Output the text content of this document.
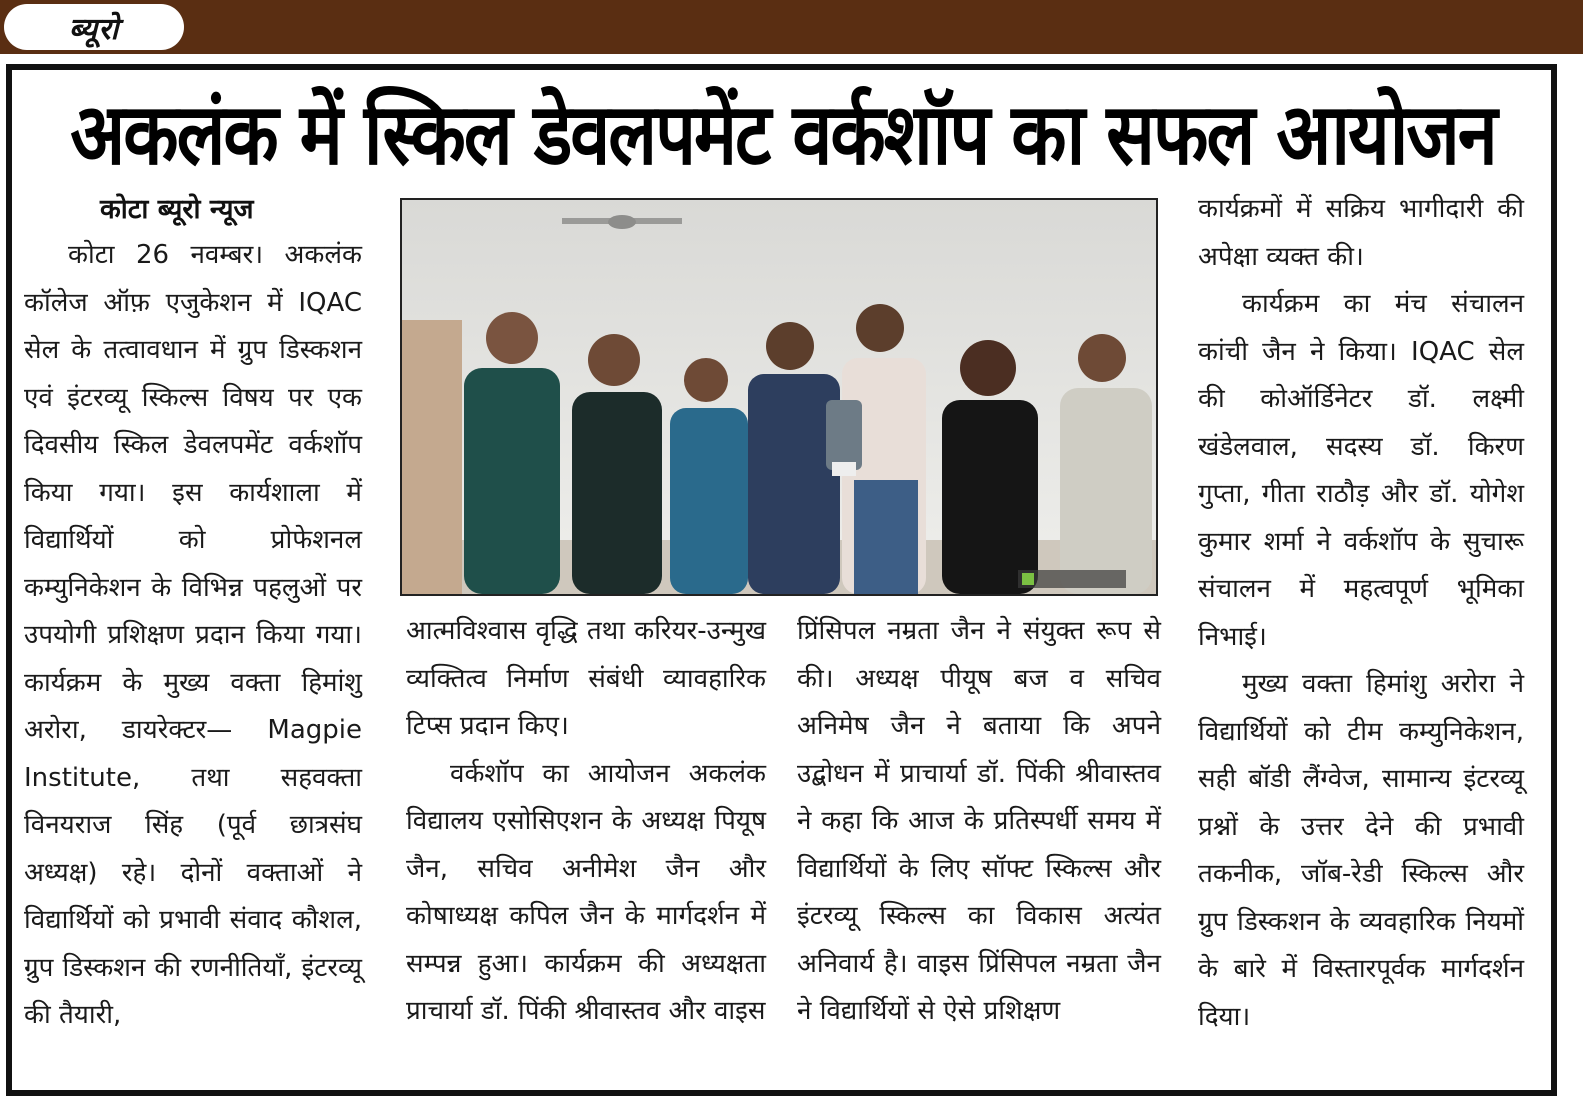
ब्यूरो
अकलंक में स्किल डेवलपमेंट वर्कशॉप का सफल आयोजन
कोटा ब्यूरो न्यूज

कोटा 26 नवम्बर। अकलंक कॉलेज ऑफ़ एजुकेशन में IQAC सेल के तत्वावधान में ग्रुप डिस्कशन एवं इंटरव्यू स्किल्स विषय पर एक दिवसीय स्किल डेवलपमेंट वर्कशॉप किया गया। इस कार्यशाला में विद्यार्थियों को प्रोफेशनल कम्युनिकेशन के विभिन्न पहलुओं पर उपयोगी प्रशिक्षण प्रदान किया गया। कार्यक्रम के मुख्य वक्ता हिमांशु अरोरा, डायरेक्टर— Magpie Institute, तथा सहवक्ता विनयराज सिंह (पूर्व छात्रसंघ अध्यक्ष) रहे। दोनों वक्ताओं ने विद्यार्थियों को प्रभावी संवाद कौशल, ग्रुप डिस्कशन की रणनीतियाँ, इंटरव्यू की तैयारी,

आत्मविश्वास वृद्धि तथा करियर-उन्मुख व्यक्तित्व निर्माण संबंधी व्यावहारिक टिप्स प्रदान किए।

वर्कशॉप का आयोजन अकलंक विद्यालय एसोसिएशन के अध्यक्ष पियूष जैन, सचिव अनीमेश जैन और कोषाध्यक्ष कपिल जैन के मार्गदर्शन में सम्पन्न हुआ। कार्यक्रम की अध्यक्षता प्राचार्या डॉ. पिंकी श्रीवास्तव और वाइस

प्रिंसिपल नम्रता जैन ने संयुक्त रूप से की। अध्यक्ष पीयूष बज व सचिव अनिमेष जैन ने बताया कि अपने उद्बोधन में प्राचार्या डॉ. पिंकी श्रीवास्तव ने कहा कि आज के प्रतिस्पर्धी समय में विद्यार्थियों के लिए सॉफ्ट स्किल्स और इंटरव्यू स्किल्स का विकास अत्यंत अनिवार्य है। वाइस प्रिंसिपल नम्रता जैन ने विद्यार्थियों से ऐसे प्रशिक्षण

कार्यक्रमों में सक्रिय भागीदारी की अपेक्षा व्यक्त की।

कार्यक्रम का मंच संचालन कांची जैन ने किया। IQAC सेल की कोऑर्डिनेटर डॉ. लक्ष्मी खंडेलवाल, सदस्य डॉ. किरण गुप्ता, गीता राठौड़ और डॉ. योगेश कुमार शर्मा ने वर्कशॉप के सुचारू संचालन में महत्वपूर्ण भूमिका निभाई।

मुख्य वक्ता हिमांशु अरोरा ने विद्यार्थियों को टीम कम्युनिकेशन, सही बॉडी लैंग्वेज, सामान्य इंटरव्यू प्रश्नों के उत्तर देने की प्रभावी तकनीक, जॉब-रेडी स्किल्स और ग्रुप डिस्कशन के व्यवहारिक नियमों के बारे में विस्तारपूर्वक मार्गदर्शन दिया।
